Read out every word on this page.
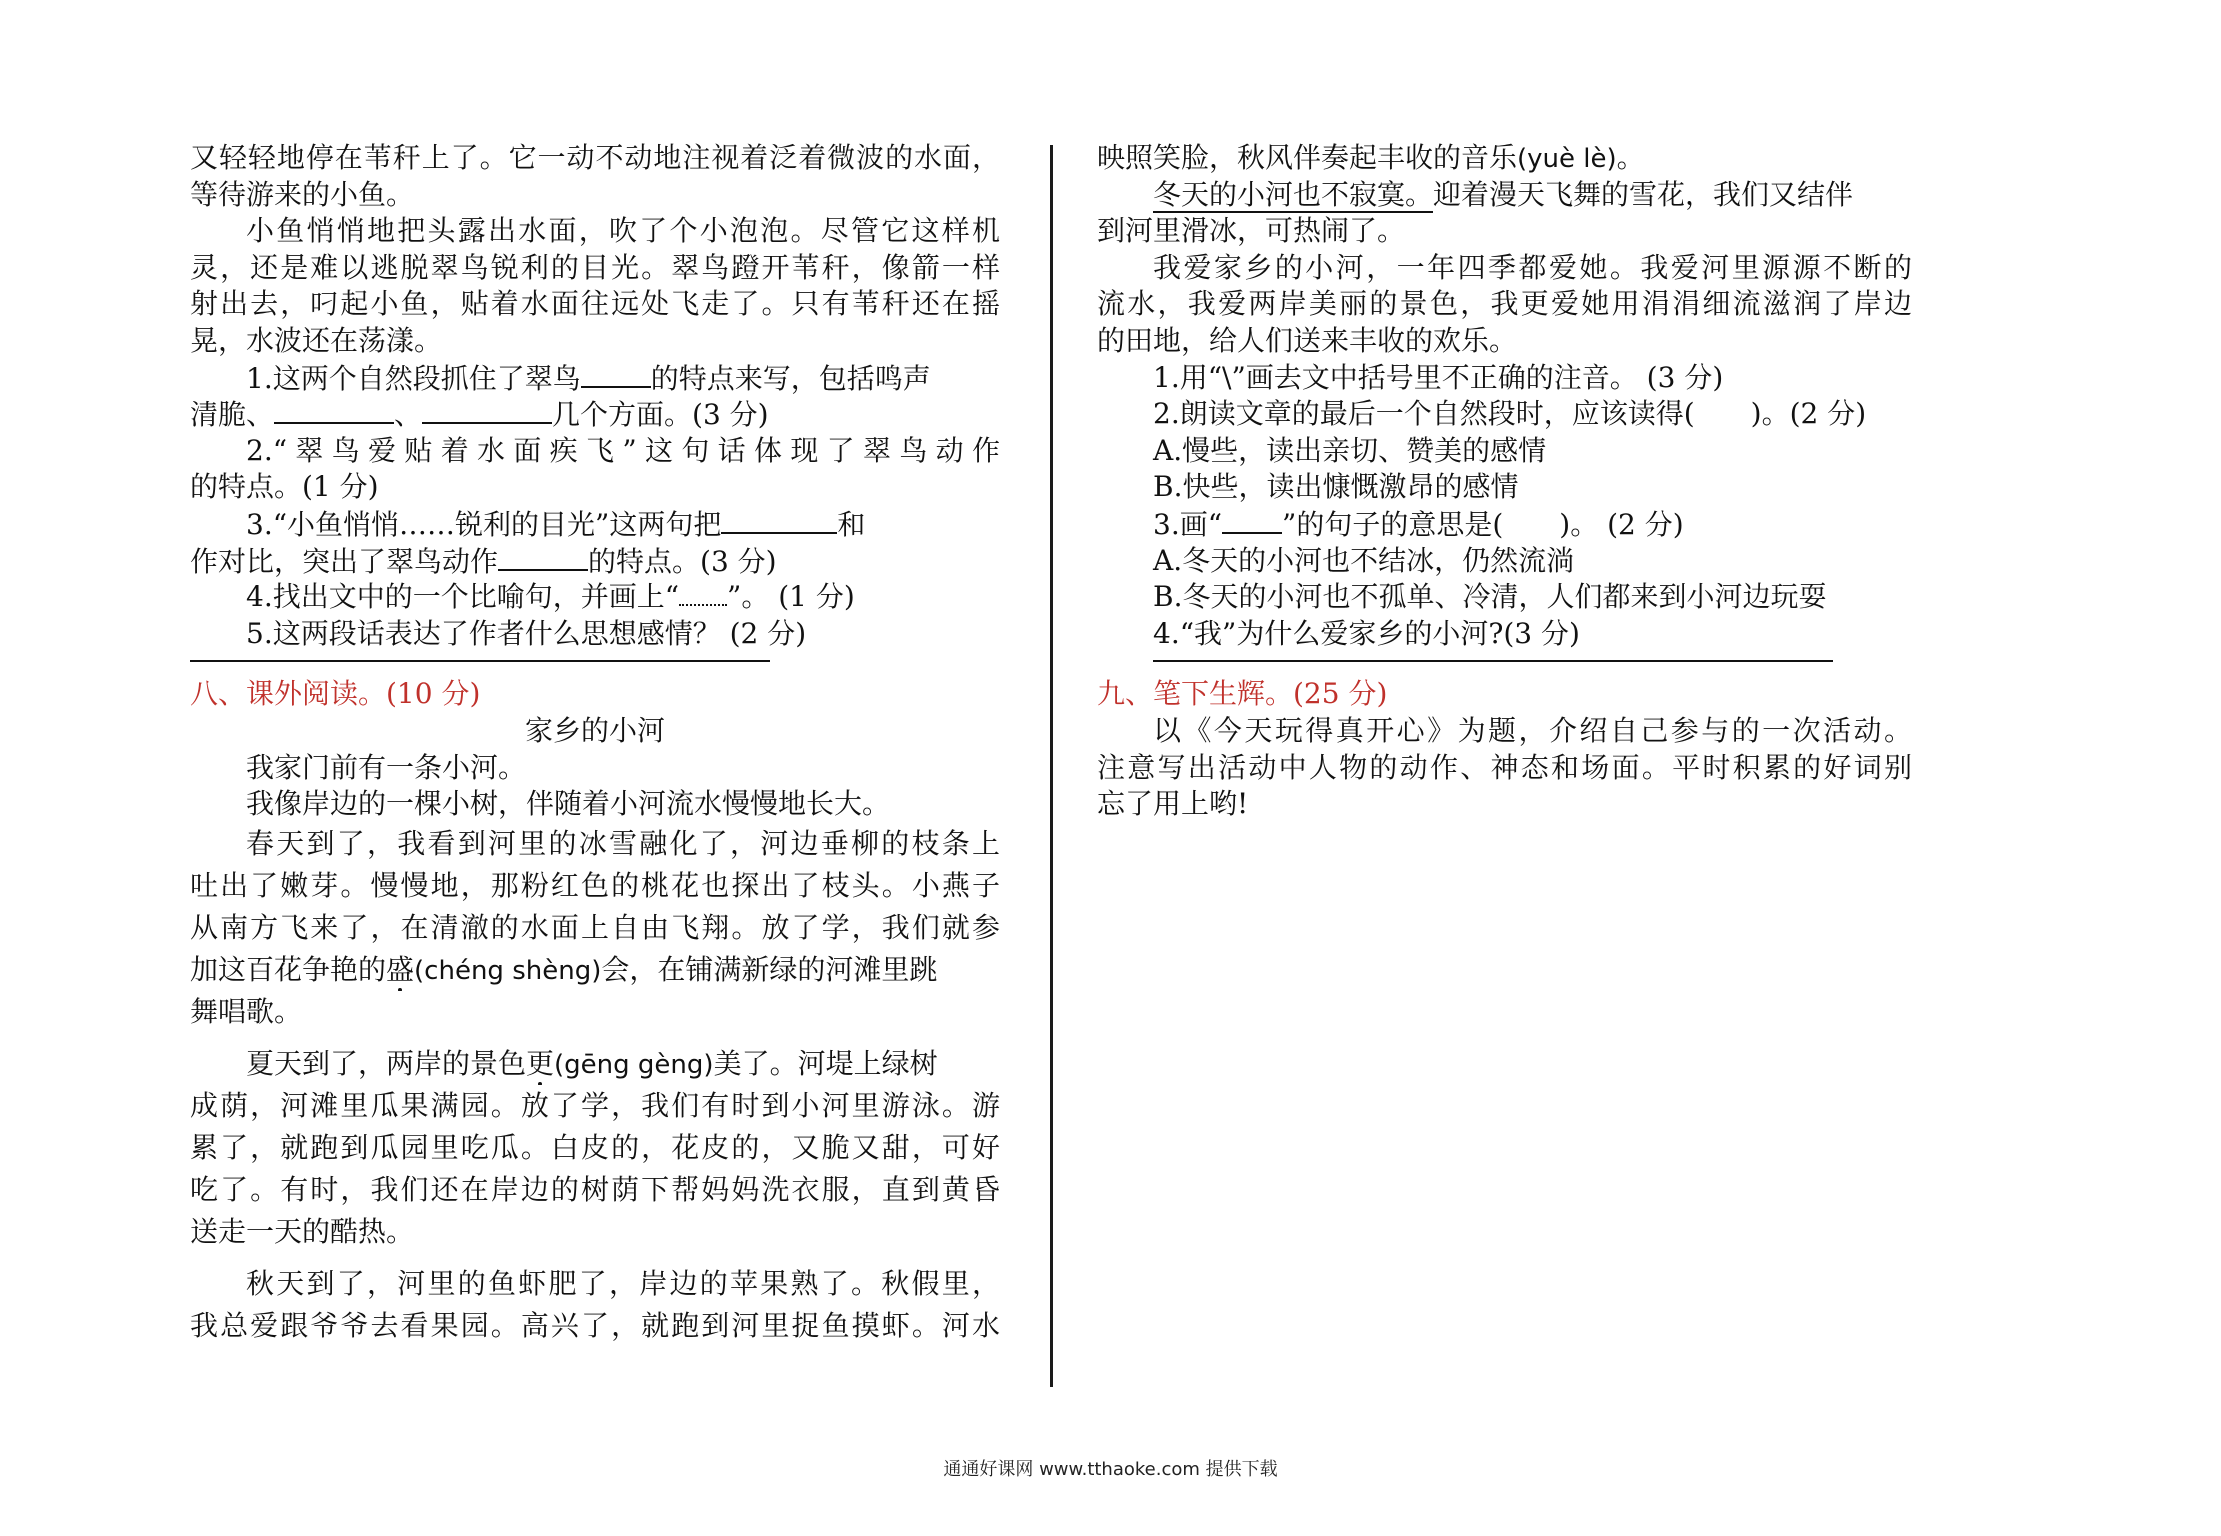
又轻轻地停在苇秆上了。它一动不动地注视着泛着微波的水面，
等待游来的小鱼。
小鱼悄悄地把头露出水面，吹了个小泡泡。尽管它这样机
灵，还是难以逃脱翠鸟锐利的目光。翠鸟蹬开苇秆，像箭一样
射出去，叼起小鱼，贴着水面往远处飞走了。只有苇秆还在摇
晃，水波还在荡漾。
1.这两个自然段抓住了翠鸟	的特点来写，包括鸣声
清脆、	、	几个方面。(3 分)
2.“翠鸟爱贴着水面疾飞”这句话体现了翠鸟动作
的特点。(1 分)
3.“小鱼悄悄……锐利的目光”这两句把	和
作对比，突出了翠鸟动作	的特点。(3 分)
4.找出文中的一个比喻句，并画上“ ”。 (1 分)
5.这两段话表达了作者什么思想感情？ (2 分)
八、课外阅读。(10 分)
家乡的小河
我家门前有一条小河。
我像岸边的一棵小树，伴随着小河流水慢慢地长大。
春天到了，我看到河里的冰雪融化了，河边垂柳的枝条上
吐出了嫩芽。慢慢地，那粉红色的桃花也探出了枝头。小燕子
从南方飞来了，在清澈的水面上自由飞翔。放了学，我们就参
加这百花争艳的盛(chéng shèng)会，在铺满新绿的河滩里跳
舞唱歌。
夏天到了，两岸的景色更(gēng gèng)美了。河堤上绿树
成荫，河滩里瓜果满园。放了学，我们有时到小河里游泳。游
累了，就跑到瓜园里吃瓜。白皮的，花皮的，又脆又甜，可好
吃了。有时，我们还在岸边的树荫下帮妈妈洗衣服，直到黄昏
送走一天的酷热。
秋天到了，河里的鱼虾肥了，岸边的苹果熟了。秋假里，
我总爱跟爷爷去看果园。高兴了，就跑到河里捉鱼摸虾。河水
映照笑脸，秋风伴奏起丰收的音乐(yuè lè)。
冬天的小河也不寂寞。迎着漫天飞舞的雪花，我们又结伴
到河里滑冰，可热闹了。
我爱家乡的小河，一年四季都爱她。我爱河里源源不断的
流水，我爱两岸美丽的景色，我更爱她用涓涓细流滋润了岸边
的田地，给人们送来丰收的欢乐。
1.用“\”画去文中括号里不正确的注音。 (3 分)
2.朗读文章的最后一个自然段时，应该读得( )。(2 分)
A.慢些，读出亲切、赞美的感情
B.快些，读出慷慨激昂的感情
3.画“ ”的句子的意思是( )。 (2 分)
A.冬天的小河也不结冰，仍然流淌
B.冬天的小河也不孤单、冷清，人们都来到小河边玩耍
4.“我”为什么爱家乡的小河?(3 分)
九、笔下生辉。(25 分)
以《今天玩得真开心》为题，介绍自己参与的一次活动。
注意写出活动中人物的动作、神态和场面。平时积累的好词别
忘了用上哟!
通通好课网 www.tthaoke.com 提供下载
